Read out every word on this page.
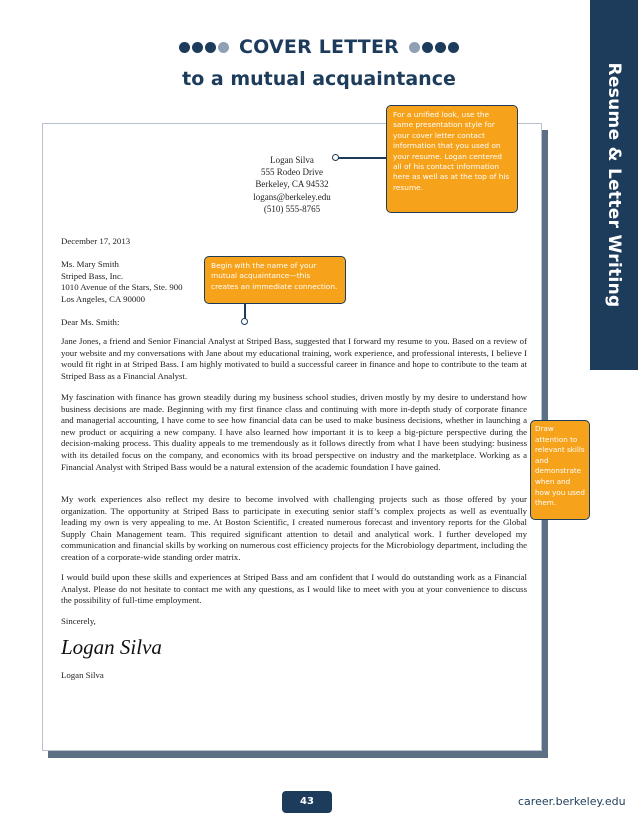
Resume & Letter Writing
COVER LETTER
to a mutual acquaintance
Logan Silva
555 Rodeo Drive
Berkeley, CA 94532
logans@berkeley.edu
(510) 555-8765
December 17, 2013
Ms. Mary Smith
Striped Bass, Inc.
1010 Avenue of the Stars, Ste. 900
Los Angeles, CA 90000
Dear Ms. Smith:
Jane Jones, a friend and Senior Financial Analyst at Striped Bass, suggested that I forward my resume to you. Based on a review of your website and my conversations with Jane about my educational training, work experience, and professional interests, I believe I would fit right in at Striped Bass. I am highly motivated to build a successful career in finance and hope to contribute to the team at Striped Bass as a Financial Analyst.
My fascination with finance has grown steadily during my business school studies, driven mostly by my desire to understand how business decisions are made. Beginning with my first finance class and continuing with more in-depth study of corporate finance and managerial accounting, I have come to see how financial data can be used to make business decisions, whether in launching a new product or acquiring a new company. I have also learned how important it is to keep a big-picture perspective during the decision-making process. This duality appeals to me tremendously as it follows directly from what I have been studying: business with its detailed focus on the company, and economics with its broad perspective on industry and the marketplace. Working as a Financial Analyst with Striped Bass would be a natural extension of the academic foundation I have gained.
My work experiences also reflect my desire to become involved with challenging projects such as those offered by your organization. The opportunity at Striped Bass to participate in executing senior staff’s complex projects as well as eventually leading my own is very appealing to me. At Boston Scientific, I created numerous forecast and inventory reports for the Global Supply Chain Management team. This required significant attention to detail and analytical work. I further developed my communication and financial skills by working on numerous cost efficiency projects for the Microbiology department, including the creation of a corporate-wide standing order matrix.
I would build upon these skills and experiences at Striped Bass and am confident that I would do outstanding work as a Financial Analyst. Please do not hesitate to contact me with any questions, as I would like to meet with you at your convenience to discuss the possibility of full-time employment.
Sincerely,
Logan Silva
Logan Silva
For a unified look, use the same presentation style for your cover letter contact information that you used on your resume. Logan centered all of his contact information here as well as at the top of his resume.
Begin with the name of your mutual acquaintance—this creates an immediate connection.
Draw attention to relevant skills and demonstrate when and how you used them.
43	career.berkeley.edu
